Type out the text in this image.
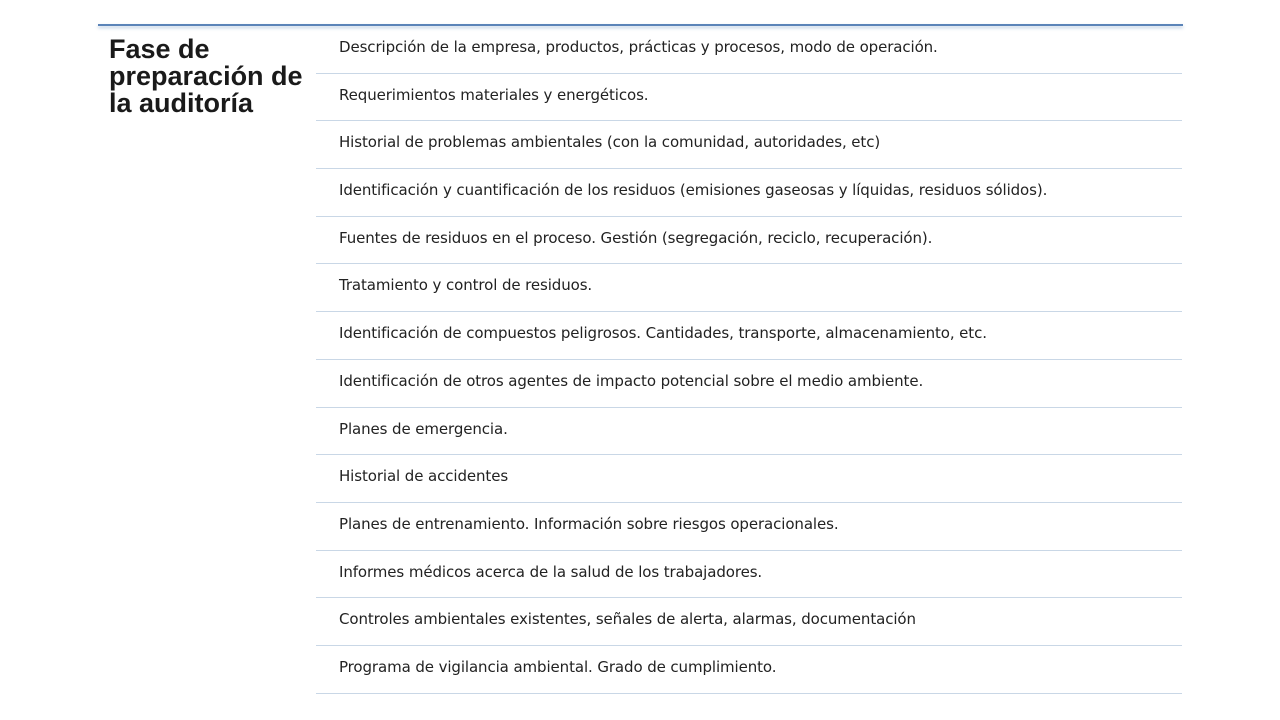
Fase de preparación de la auditoría
Descripción de la empresa, productos, prácticas y procesos, modo de operación.
Requerimientos materiales y energéticos.
Historial de problemas ambientales (con la comunidad, autoridades, etc)
Identificación y cuantificación de los residuos (emisiones gaseosas y líquidas, residuos sólidos).
Fuentes de residuos en el proceso. Gestión (segregación, reciclo, recuperación).
Tratamiento y control de residuos.
Identificación de compuestos peligrosos. Cantidades, transporte, almacenamiento, etc.
Identificación de otros agentes de impacto potencial sobre el medio ambiente.
Planes de emergencia.
Historial de accidentes
Planes de entrenamiento. Información sobre riesgos operacionales.
Informes médicos acerca de la salud de los trabajadores.
Controles ambientales existentes, señales de alerta, alarmas, documentación
Programa de vigilancia ambiental. Grado de cumplimiento.
